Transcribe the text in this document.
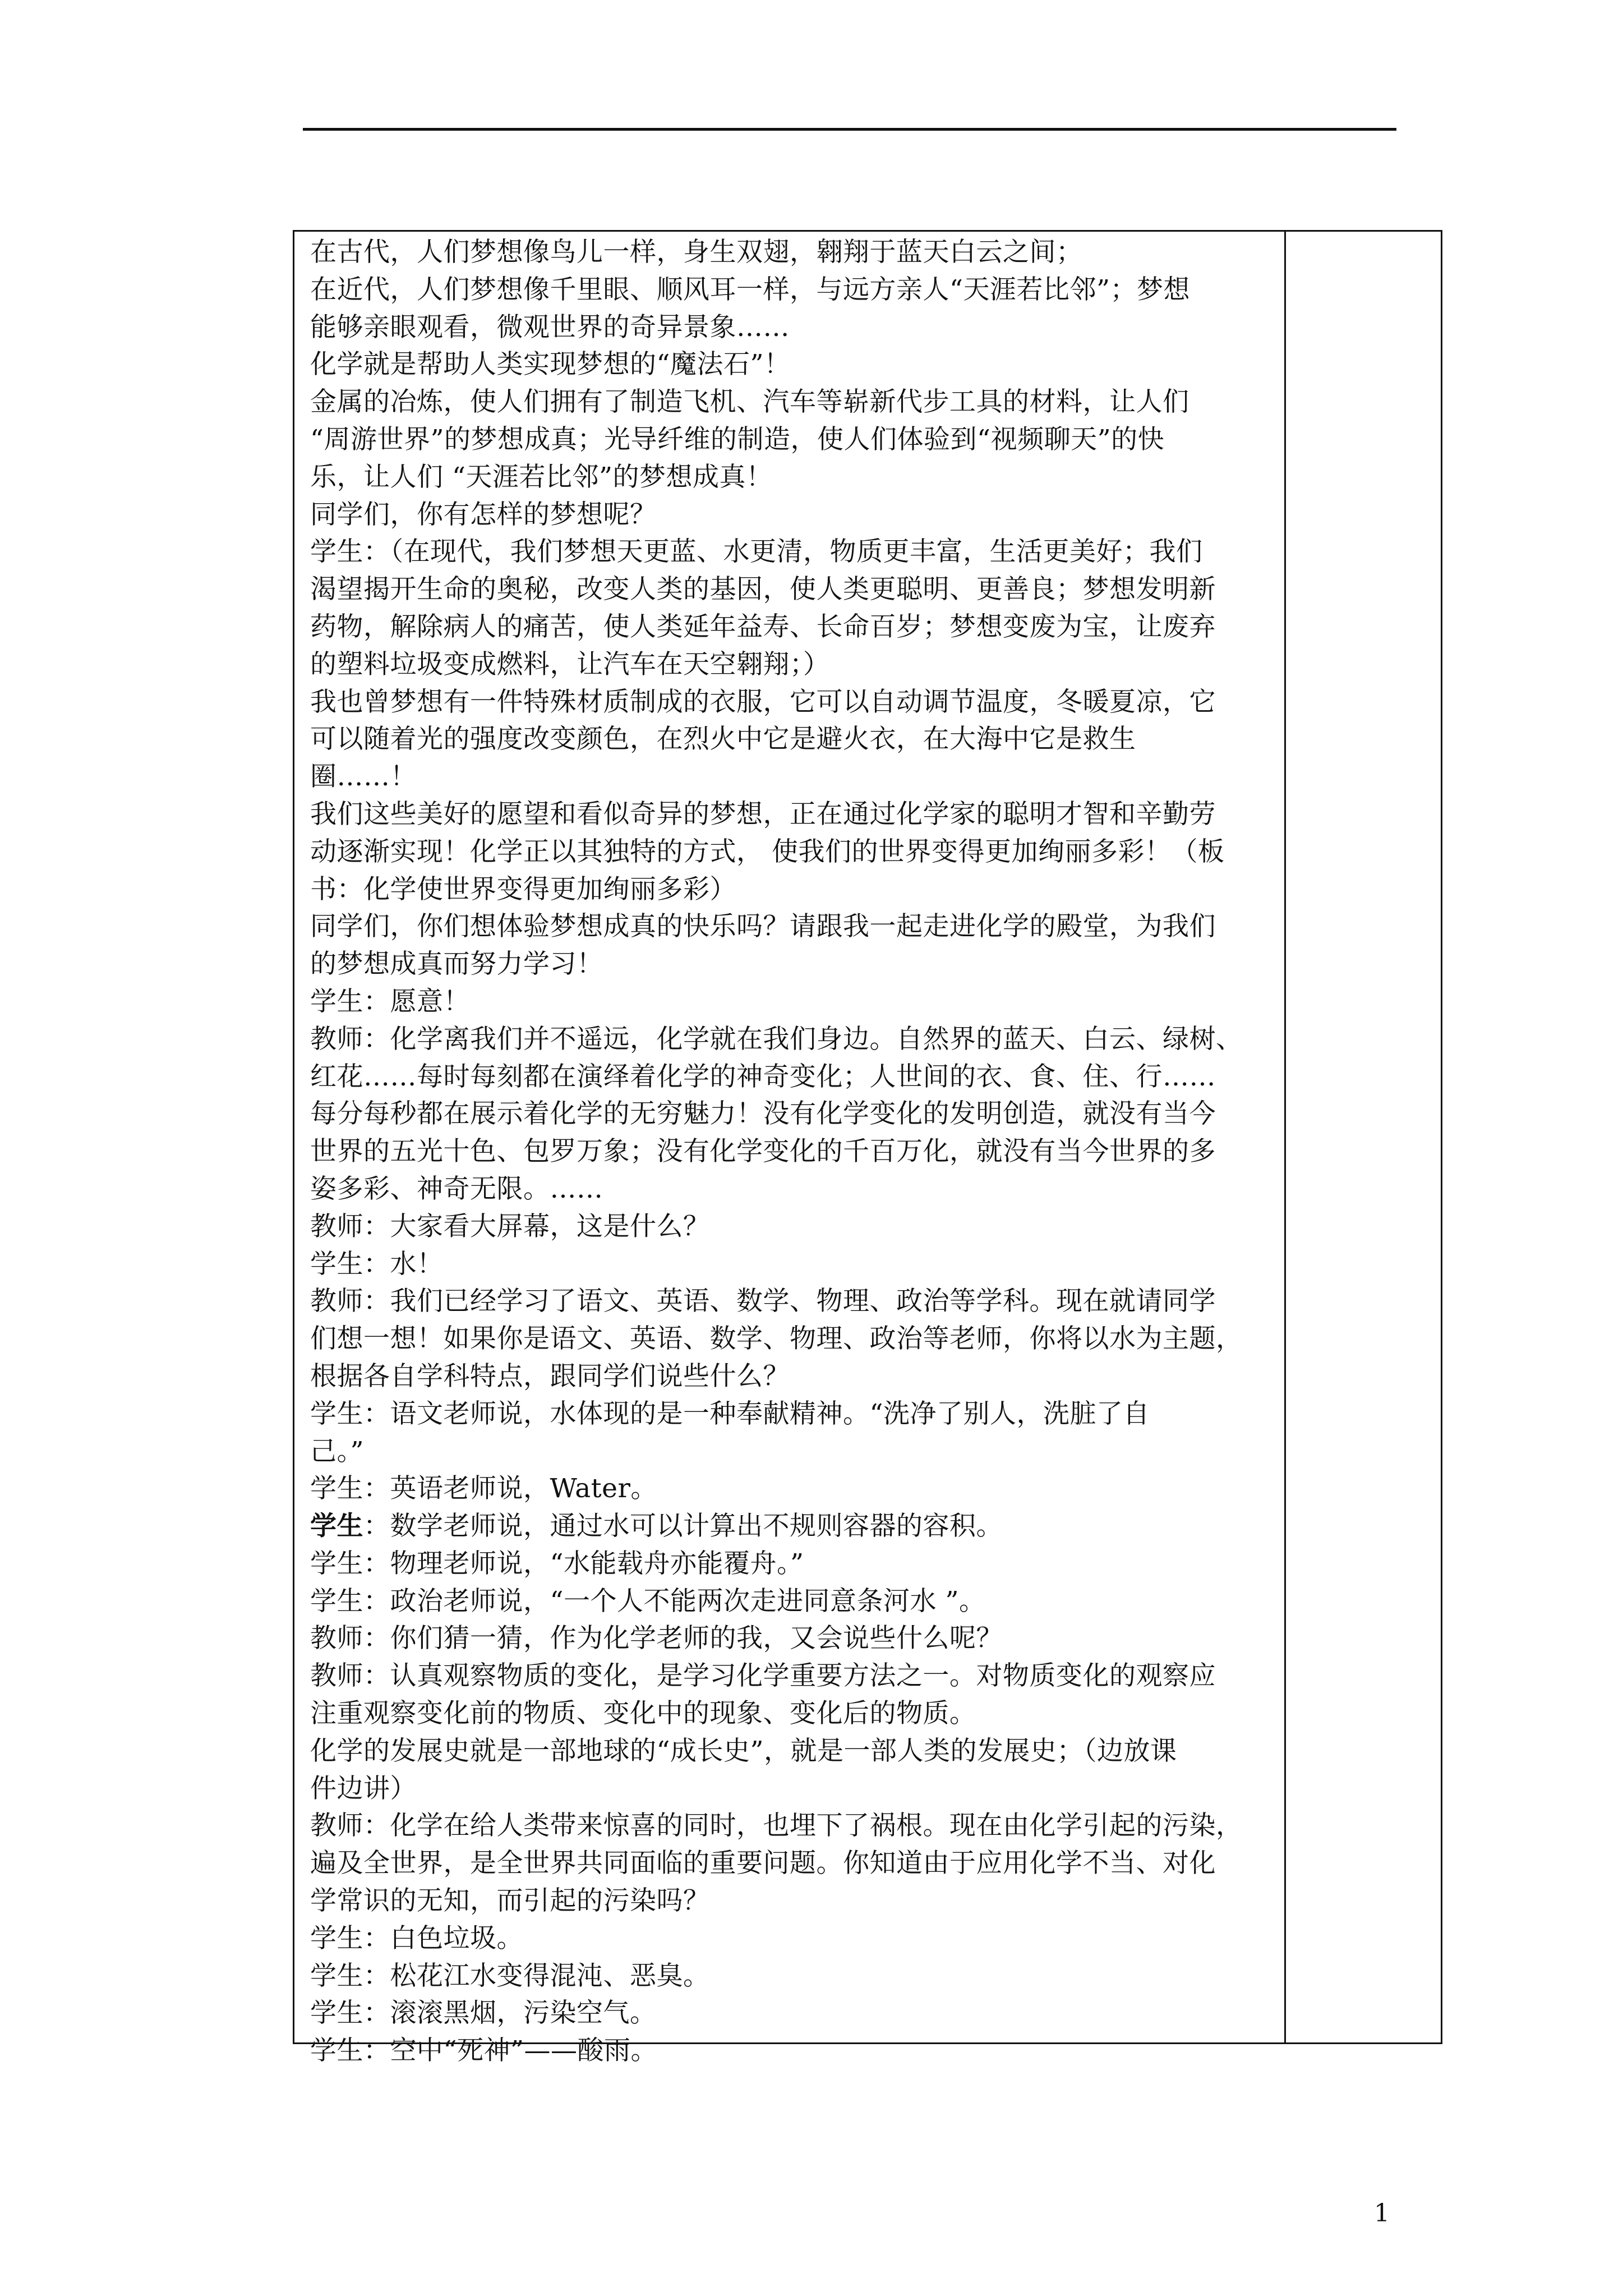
在古代，人们梦想像鸟儿一样，身生双翅，翱翔于蓝天白云之间；
在近代，人们梦想像千里眼、顺风耳一样，与远方亲人“天涯若比邻”；梦想
能够亲眼观看，微观世界的奇异景象……
化学就是帮助人类实现梦想的“魔法石”！
金属的冶炼，使人们拥有了制造飞机、汽车等崭新代步工具的材料，让人们
“周游世界”的梦想成真；光导纤维的制造，使人们体验到“视频聊天”的快
乐，让人们 “天涯若比邻”的梦想成真！
同学们，你有怎样的梦想呢？
学生：（在现代，我们梦想天更蓝、水更清，物质更丰富，生活更美好；我们
渴望揭开生命的奥秘，改变人类的基因，使人类更聪明、更善良；梦想发明新
药物，解除病人的痛苦，使人类延年益寿、长命百岁；梦想变废为宝，让废弃
的塑料垃圾变成燃料，让汽车在天空翱翔；）
我也曾梦想有一件特殊材质制成的衣服，它可以自动调节温度，冬暖夏凉，它
可以随着光的强度改变颜色，在烈火中它是避火衣，在大海中它是救生
圈……！
我们这些美好的愿望和看似奇异的梦想，正在通过化学家的聪明才智和辛勤劳
动逐渐实现！化学正以其独特的方式， 使我们的世界变得更加绚丽多彩！（板
书：化学使世界变得更加绚丽多彩）
同学们，你们想体验梦想成真的快乐吗？请跟我一起走进化学的殿堂，为我们
的梦想成真而努力学习！
学生：愿意！
教师：化学离我们并不遥远，化学就在我们身边。自然界的蓝天、白云、绿树、
红花……每时每刻都在演绎着化学的神奇变化；人世间的衣、食、住、行……
每分每秒都在展示着化学的无穷魅力！没有化学变化的发明创造，就没有当今
世界的五光十色、包罗万象；没有化学变化的千百万化，就没有当今世界的多
姿多彩、神奇无限。……
教师：大家看大屏幕，这是什么？
学生：水！
教师：我们已经学习了语文、英语、数学、物理、政治等学科。现在就请同学
们想一想！如果你是语文、英语、数学、物理、政治等老师，你将以水为主题，
根据各自学科特点，跟同学们说些什么？
学生：语文老师说，水体现的是一种奉献精神。“洗净了别人，洗脏了自
己。”
学生：英语老师说，Water。
学生：数学老师说，通过水可以计算出不规则容器的容积。
学生：物理老师说，“水能载舟亦能覆舟。”
学生：政治老师说，“一个人不能两次走进同意条河水 ”。
教师：你们猜一猜，作为化学老师的我，又会说些什么呢？
教师：认真观察物质的变化，是学习化学重要方法之一。对物质变化的观察应
注重观察变化前的物质、变化中的现象、变化后的物质。
化学的发展史就是一部地球的“成长史”，就是一部人类的发展史；（边放课
件边讲）
教师：化学在给人类带来惊喜的同时，也埋下了祸根。现在由化学引起的污染，
遍及全世界，是全世界共同面临的重要问题。你知道由于应用化学不当、对化
学常识的无知，而引起的污染吗？
学生：白色垃圾。
学生：松花江水变得混沌、恶臭。
学生：滚滚黑烟，污染空气。
学生：空中“死神”——酸雨。
1
